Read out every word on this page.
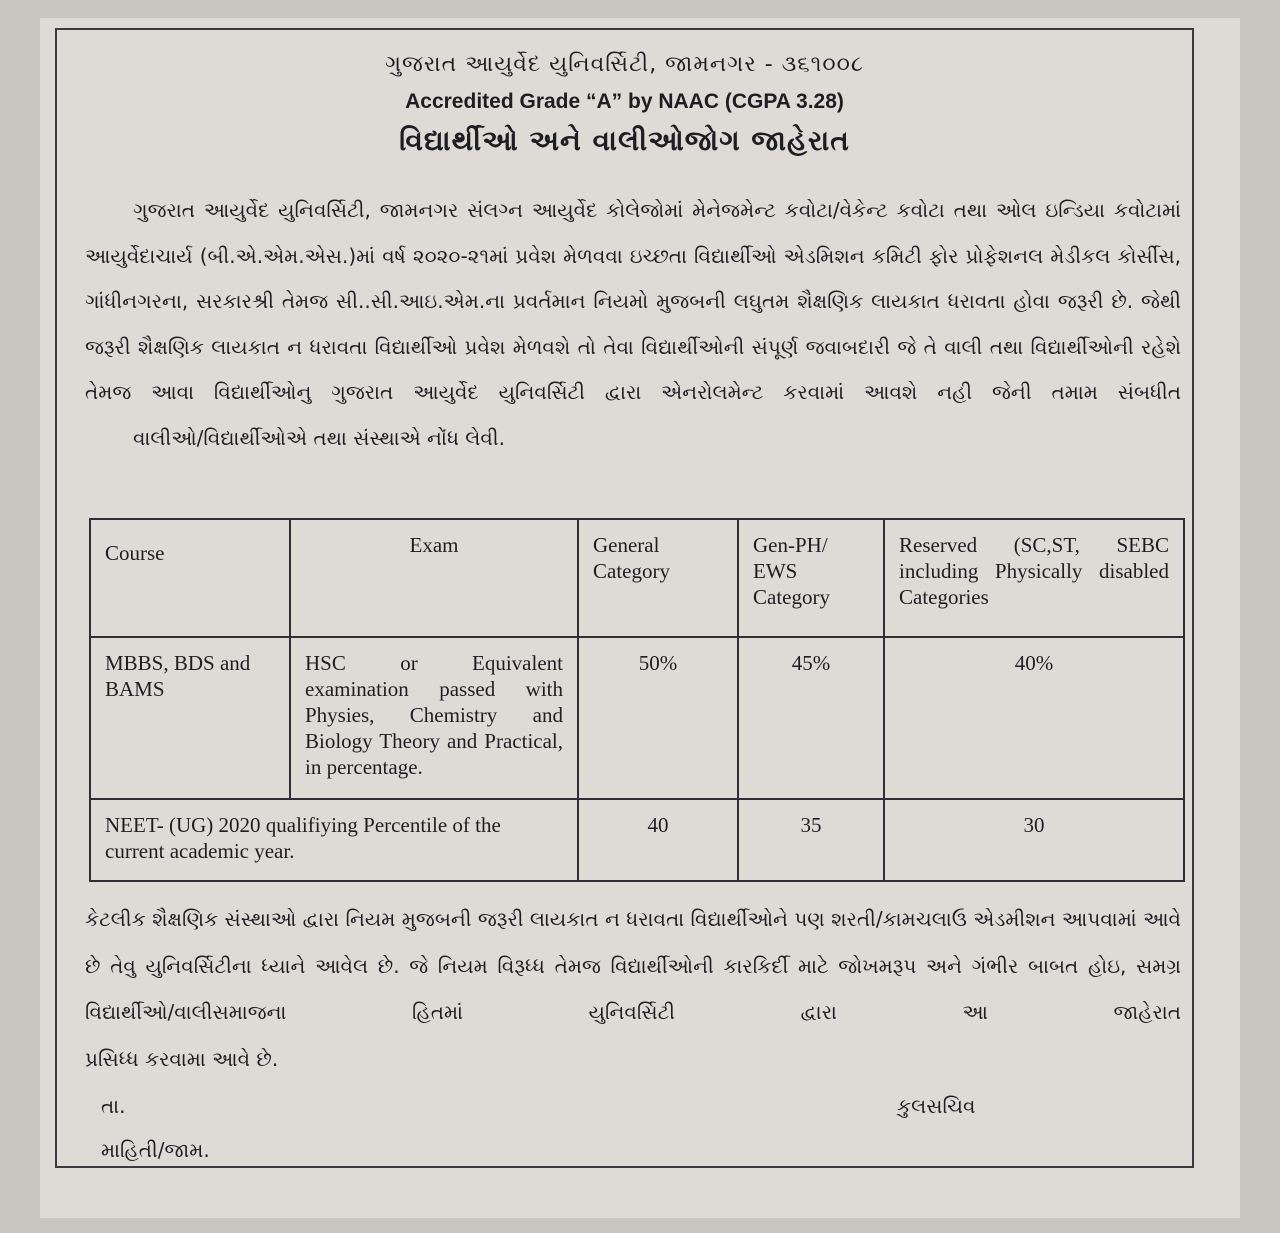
ગુજરાત આયુર્વેદ યુનિવર્સિટી, જામનગર - ૩૬૧૦૦૮
Accredited Grade “A” by NAAC (CGPA 3.28)
વિદ્યાર્થીઓ અને વાલીઓજોગ જાહેરાત
ગુજરાત આયુર્વેદ યુનિવર્સિટી, જામનગર સંલગ્ન આયુર્વેદ કોલેજોમાં મેનેજમેન્ટ કવોટા/વેકેન્ટ કવોટા તથા ઓલ ઇન્ડિયા કવોટામાં આયુર્વેદાચાર્ય (બી.એ.એમ.એસ.)માં વર્ષ ૨૦૨૦-૨૧માં પ્રવેશ મેળવવા ઇચ્છતા વિદ્યાર્થીઓ એડમિશન કમિટી ફોર પ્રોફેશનલ મેડીકલ કોર્સીસ, ગાંધીનગરના, સરકારશ્રી તેમજ સી..સી.આઇ.એમ.ના પ્રવર્તમાન નિયમો મુજબની લઘુતમ શૈક્ષણિક લાયકાત ધરાવતા હોવા જરૂરી છે. જેથી જરૂરી શૈક્ષણિક લાયકાત ન ધરાવતા વિદ્યાર્થીઓ પ્રવેશ મેળવશે તો તેવા વિદ્યાર્થીઓની સંપૂર્ણ જવાબદારી જે તે વાલી તથા વિદ્યાર્થીઓની રહેશે તેમજ આવા વિદ્યાર્થીઓનુ ગુજરાત આયુર્વેદ યુનિવર્સિટી દ્વારા એનરોલમેન્ટ કરવામાં આવશે નહી જેની તમામ સંબધીત
વાલીઓ/વિદ્યાર્થીઓએ તથા સંસ્થાએ નોંધ લેવી.
Course	Exam	General Category	Gen-PH/ EWS Category	Reserved (SC,ST, SEBC including Physically disabled Categories
MBBS, BDS and BAMS	HSC or Equivalent examination passed with Physies, Chemistry and Biology Theory and Practical, in percentage.	50%	45%	40%
NEET- (UG) 2020 qualifiying Percentile of the current academic year.		40	35	30
કેટલીક શૈક્ષણિક સંસ્થાઓ દ્વારા નિયમ મુજબની જરૂરી લાયકાત ન ધરાવતા વિદ્યાર્થીઓને પણ શરતી/કામચલાઉ એડમીશન આપવામાં આવે છે તેવુ યુનિવર્સિટીના ધ્યાને આવેલ છે. જે નિયમ વિરૂધ્ધ તેમજ વિદ્યાર્થીઓની કારકિર્દી માટે જોખમરૂપ અને ગંભીર બાબત હોઇ, સમગ્ર વિદ્યાર્થીઓ/વાલીસમાજના હિતમાં યુનિવર્સિટી દ્વારા આ જાહેરાત
પ્રસિધ્ધ કરવામા આવે છે.
તા.
માહિતી/જામ.
કુલસચિવ
